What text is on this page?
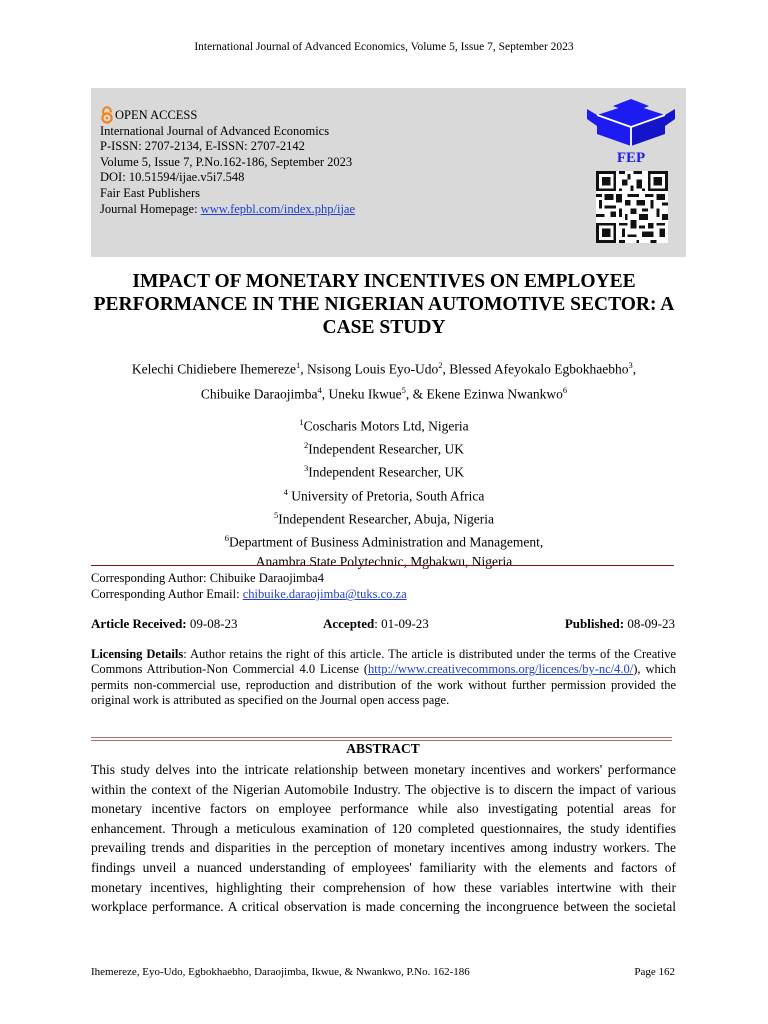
International Journal of Advanced Economics, Volume 5, Issue 7, September 2023
OPEN ACCESS
International Journal of Advanced Economics
P-ISSN: 2707-2134, E-ISSN: 2707-2142
Volume 5, Issue 7, P.No.162-186, September 2023
DOI: 10.51594/ijae.v5i7.548
Fair East Publishers
Journal Homepage: www.fepbl.com/index.php/ijae
FEP
IMPACT OF MONETARY INCENTIVES ON EMPLOYEE PERFORMANCE IN THE NIGERIAN AUTOMOTIVE SECTOR: A CASE STUDY
Kelechi Chidiebere Ihemereze$^1$, Nsisong Louis Eyo-Udo$^2$, Blessed Afeyokalo Egbokhaebho$^3$,
Chibuike Daraojimba$^4$, Uneku Ikwue$^5$, & Ekene Ezinwa Nwankwo$^6$
$^1$Coscharis Motors Ltd, Nigeria
$^2$Independent Researcher, UK
$^3$Independent Researcher, UK
$^4$ University of Pretoria, South Africa
$^5$Independent Researcher, Abuja, Nigeria
$^6$Department of Business Administration and Management,
Anambra State Polytechnic, Mgbakwu, Nigeria
Corresponding Author: Chibuike Daraojimba4
Corresponding Author Email: chibuike.daraojimba@tuks.co.za
Article Received: 09-08-23	Accepted: 01-09-23	Published: 08-09-23
Licensing Details: Author retains the right of this article. The article is distributed under the terms of the Creative Commons Attribution-Non Commercial 4.0 License (http://www.creativecommons.org/licences/by-nc/4.0/), which permits non-commercial use, reproduction and distribution of the work without further permission provided the original work is attributed as specified on the Journal open access page.
ABSTRACT
This study delves into the intricate relationship between monetary incentives and workers' performance within the context of the Nigerian Automobile Industry. The objective is to discern the impact of various monetary incentive factors on employee performance while also investigating potential areas for enhancement. Through a meticulous examination of 120 completed questionnaires, the study identifies prevailing trends and disparities in the perception of monetary incentives among industry workers. The findings unveil a nuanced understanding of employees' familiarity with the elements and factors of monetary incentives, highlighting their comprehension of how these variables intertwine with their workplace performance. A critical observation is made concerning the incongruence between the societal
Ihemereze, Eyo-Udo, Egbokhaebho, Daraojimba, Ikwue, & Nwankwo, P.No. 162-186	Page 162
